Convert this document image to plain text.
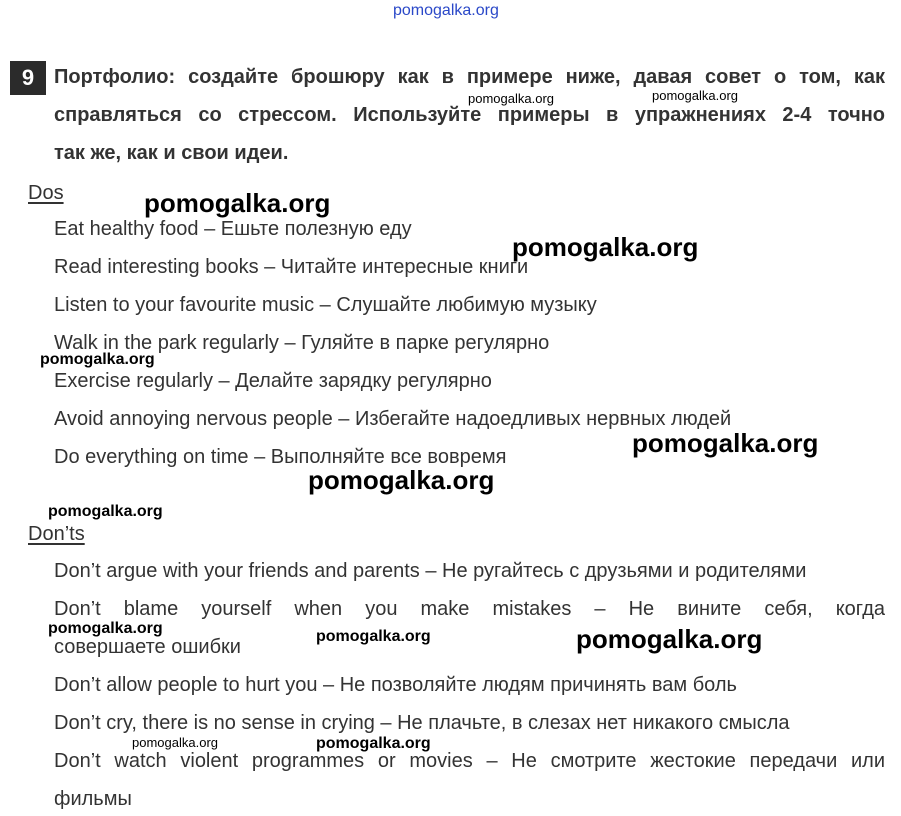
pomogalka.org
9 Портфолио: создайте брошюру как в примере ниже, давая совет о том, как
справляться со стрессом. Используйте примеры в упражнениях 2-4 точно
так же, как и свои идеи.
Dos
Eat healthy food – Ешьте полезную еду
Read interesting books – Читайте интересные книги
Listen to your favourite music – Слушайте любимую музыку
Walk in the park regularly – Гуляйте в парке регулярно
Exercise regularly – Делайте зарядку регулярно
Avoid annoying nervous people – Избегайте надоедливых нервных людей
Do everything on time – Выполняйте все вовремя
Don’ts
Don’t argue with your friends and parents – Не ругайтесь с друзьями и родителями
Don’t blame yourself when you make mistakes – Не вините себя, когда
совершаете ошибки
Don’t allow people to hurt you – Не позволяйте людям причинять вам боль
Don’t cry, there is no sense in crying – Не плачьте, в слезах нет никакого смысла
Don’t watch violent programmes or movies – Не смотрите жестокие передачи или
фильмы
pomogalka.org	pomogalka.org
pomogalka.org
pomogalka.org
pomogalka.org
pomogalka.org
pomogalka.org
pomogalka.org
pomogalka.org	pomogalka.org	pomogalka.org
pomogalka.org	pomogalka.org
